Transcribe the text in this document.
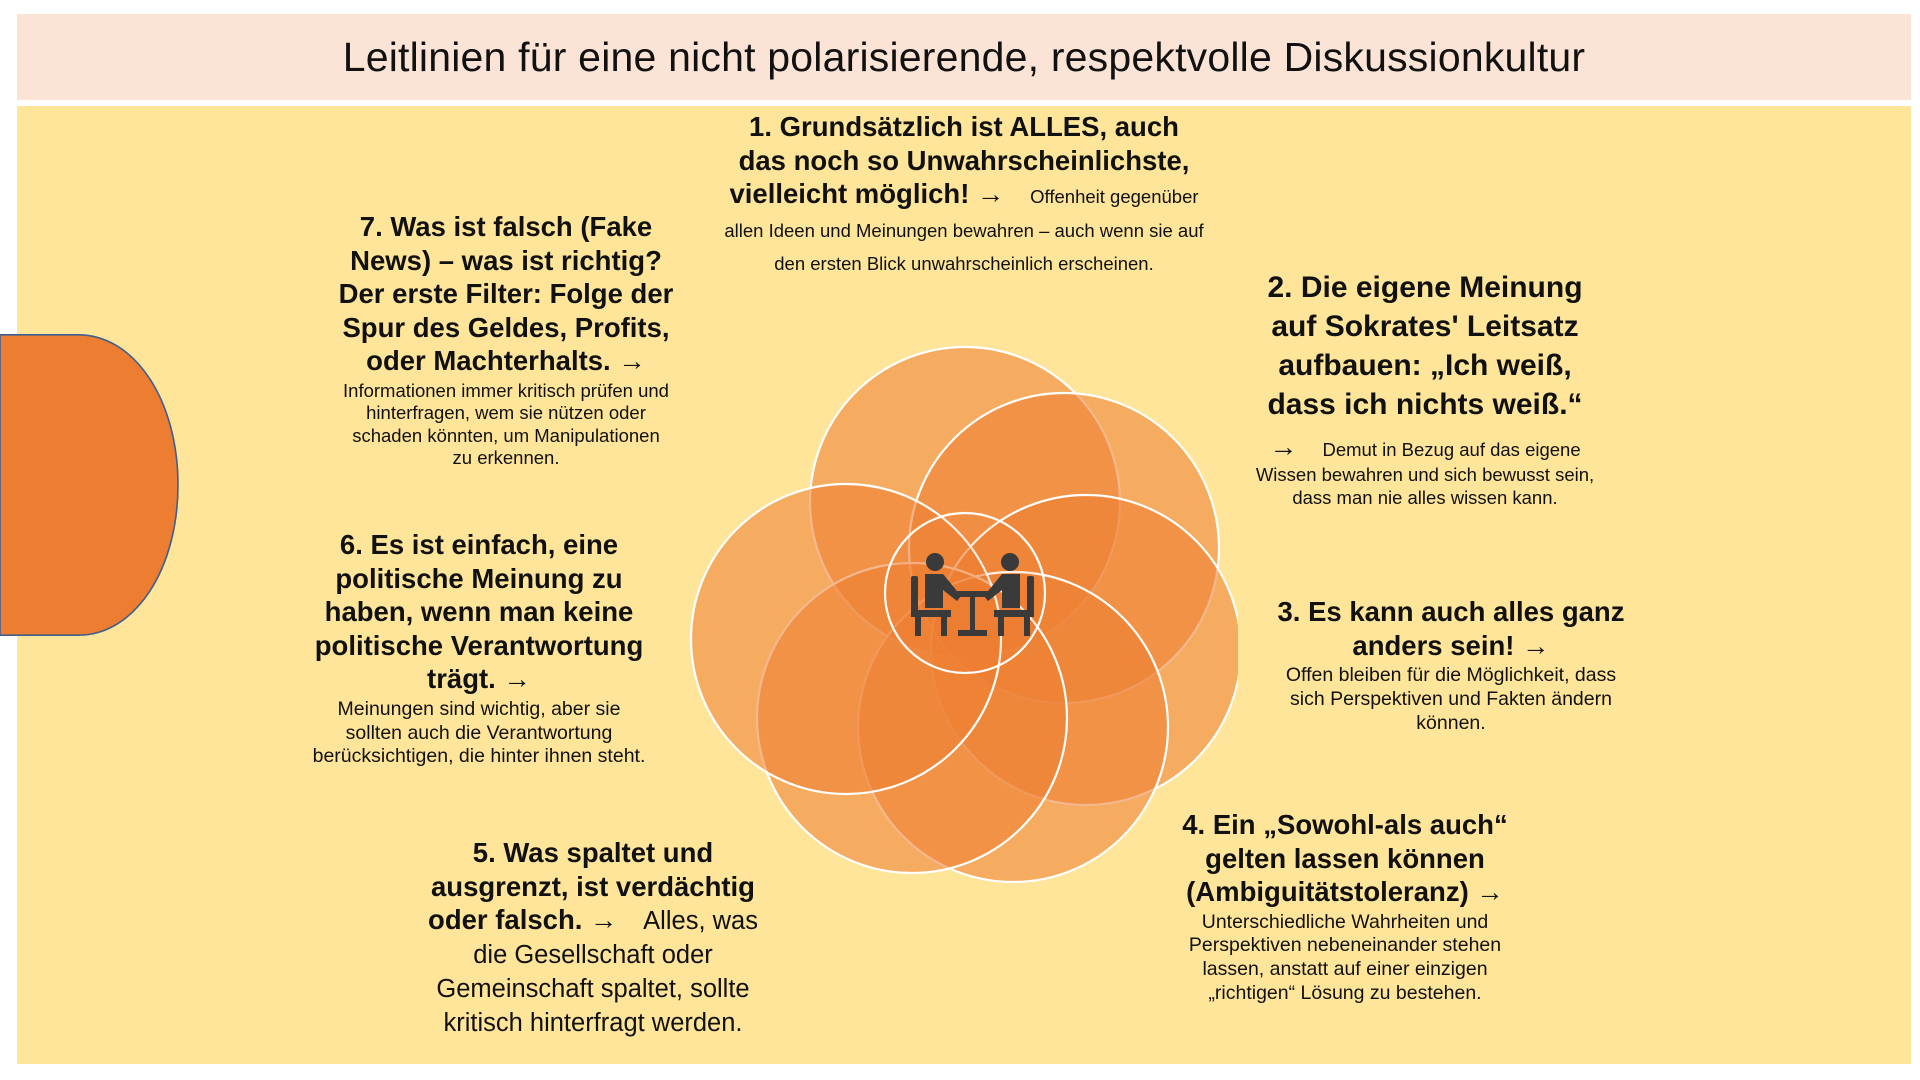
Leitlinien für eine nicht polarisierende, respektvolle Diskussionkultur
1. Grundsätzlich ist ALLES, auch das noch so Unwahrscheinlichste, vielleicht möglich! → Offenheit gegenüber allen Ideen und Meinungen bewahren – auch wenn sie auf den ersten Blick unwahrscheinlich erscheinen.
2. Die eigene Meinung auf Sokrates' Leitsatz aufbauen: „Ich weiß, dass ich nichts weiß.“
→ Demut in Bezug auf das eigene Wissen bewahren und sich bewusst sein, dass man nie alles wissen kann.
3. Es kann auch alles ganz anders sein! →
Offen bleiben für die Möglichkeit, dass sich Perspektiven und Fakten ändern können.
4. Ein „Sowohl-als auch“ gelten lassen können (Ambiguitätstoleranz) →
Unterschiedliche Wahrheiten und Perspektiven nebeneinander stehen lassen, anstatt auf einer einzigen „richtigen“ Lösung zu bestehen.
5. Was spaltet und ausgrenzt, ist verdächtig oder falsch. → Alles, was die Gesellschaft oder Gemeinschaft spaltet, sollte kritisch hinterfragt werden.
6. Es ist einfach, eine politische Meinung zu haben, wenn man keine politische Verantwortung trägt. →
Meinungen sind wichtig, aber sie sollten auch die Verantwortung berücksichtigen, die hinter ihnen steht.
7. Was ist falsch (Fake News) – was ist richtig? Der erste Filter: Folge der Spur des Geldes, Profits, oder Machterhalts. →
Informationen immer kritisch prüfen und hinterfragen, wem sie nützen oder schaden könnten, um Manipulationen zu erkennen.
